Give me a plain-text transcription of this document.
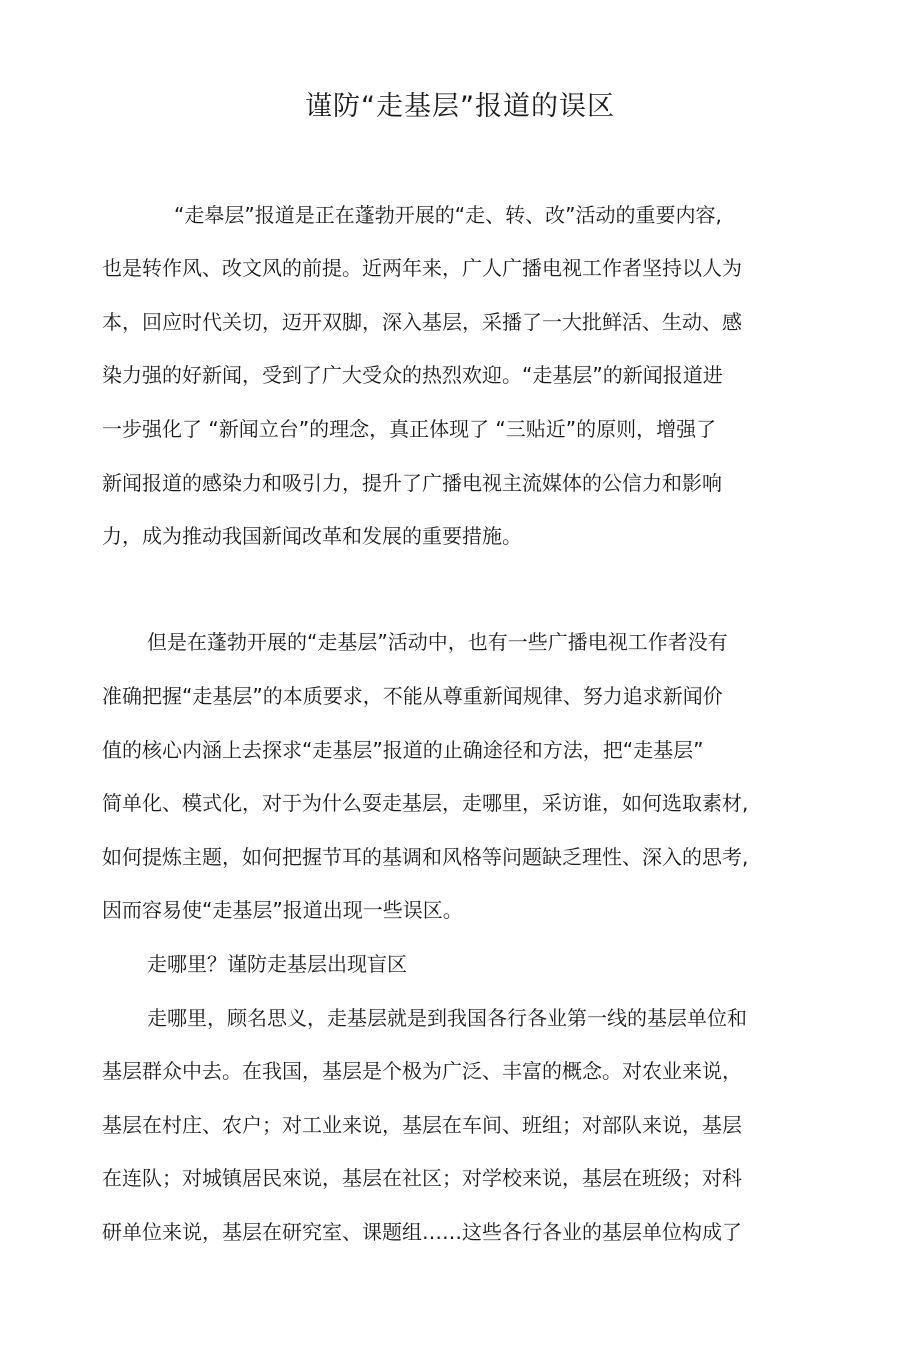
谨防“走基层”报道的误区
“走皋层”报道是正在蓬勃开展的“走、转、改”活动的重要内容,
也是转作风、改文风的前提。近两年来，广人广播电视工作者坚持以人为
本，回应时代关切，迈开双脚，深入基层，采播了一大批鲜活、生动、感
染力强的好新闻，受到了广大受众的热烈欢迎。“走基层”的新闻报道进
一步强化了 “新闻立台”的理念，真正体现了 “三贴近”的原则，增强了
新闻报道的感染力和吸引力，提升了广播电视主流媒体的公信力和影响
力，成为推动我国新闻改革和发展的重要措施。
但是在蓬勃开展的“走基层”活动中，也有一些广播电视工作者没有
准确把握“走基层”的本质要求，不能从尊重新闻规律、努力追求新闻价
值的核心内涵上去探求“走基层”报道的止确途径和方法，把“走基层”
简单化、模式化，对于为什么耍走基层，走哪里，采访谁，如何选取素材,
如何提炼主题，如何把握节耳的基调和风格等问题缺乏理性、深入的思考,
因而容易使“走基层”报道出现一些误区。
走哪里？谨防走基层出现盲区
走哪里，顾名思义，走基层就是到我国各行各业第一线的基层单位和
基层群众中去。在我国，基层是个极为广泛、丰富的概念。对农业来说，
基层在村庄、农户；对工业来说，基层在车间、班组；对部队来说，基层
在连队；对城镇居民來说，基层在社区；对学校来说，基层在班级；对科
研单位来说，基层在研究室、课题组……这些各行各业的基层单位构成了
